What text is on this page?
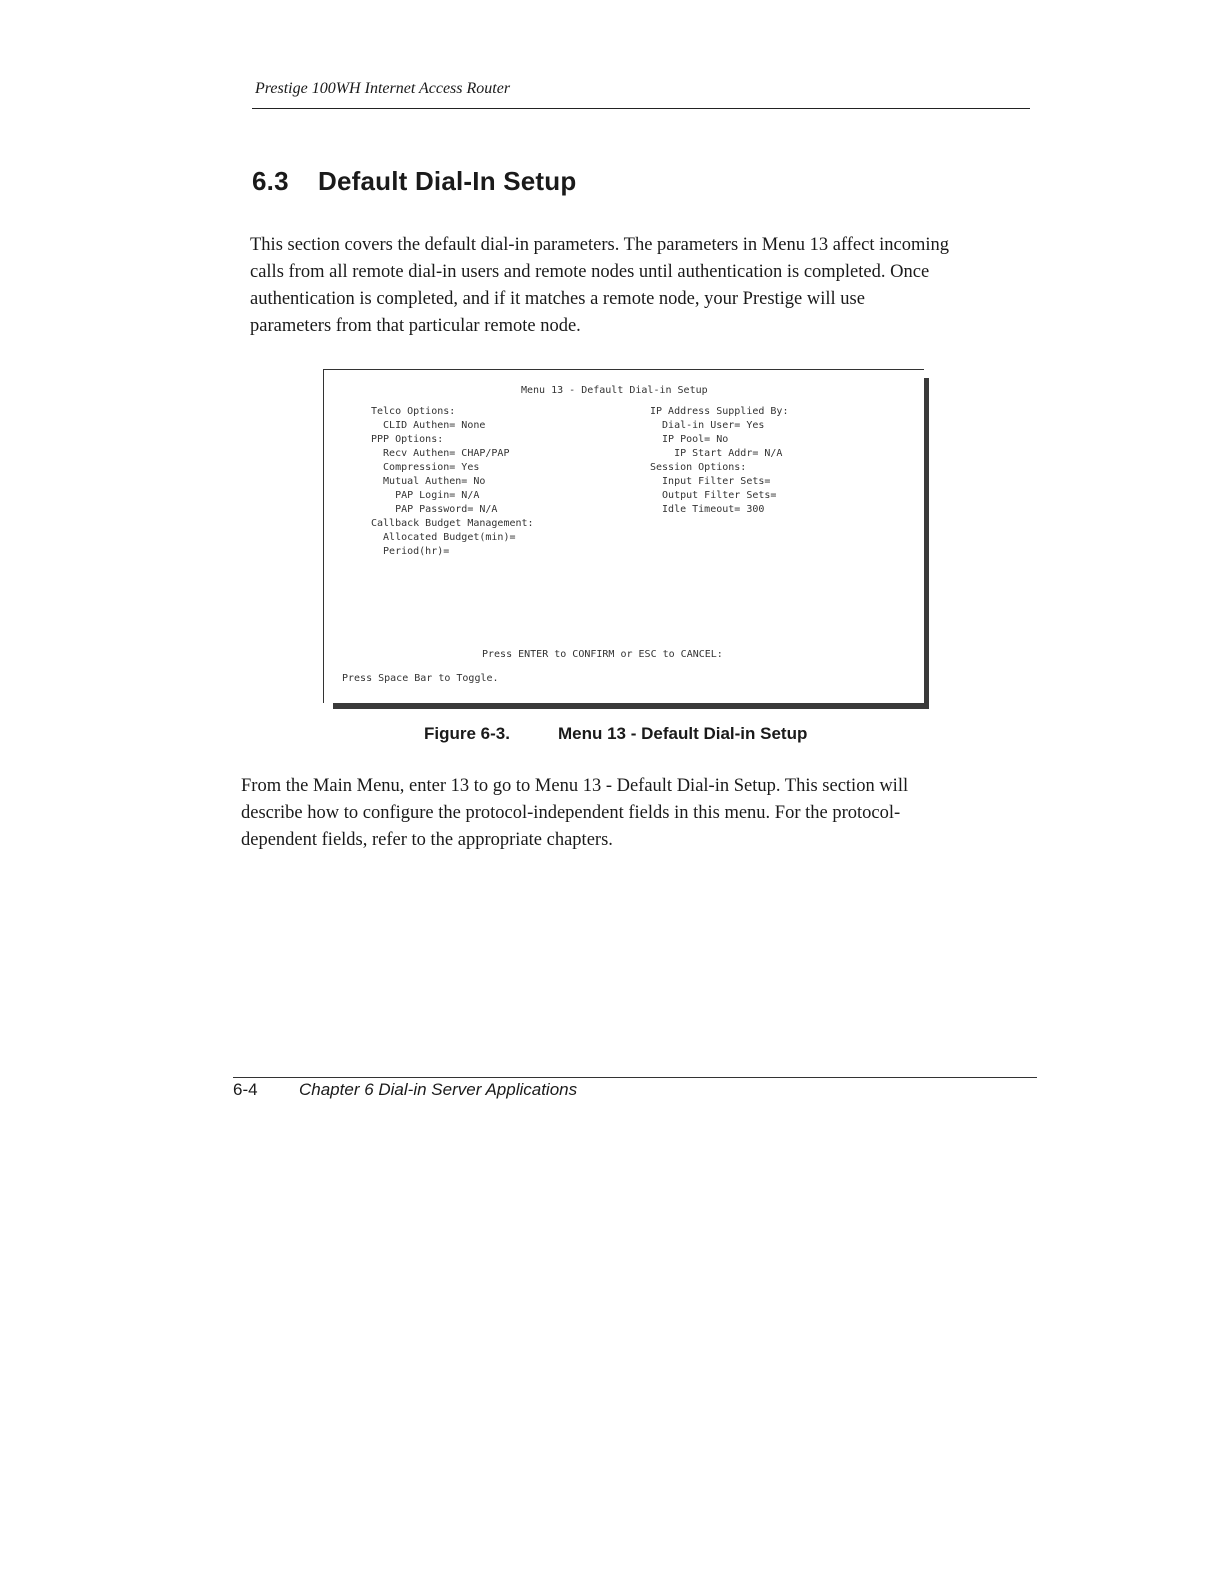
Prestige 100WH Internet Access Router
6.3 Default Dial-In Setup
This section covers the default dial-in parameters. The parameters in Menu 13 affect incoming
calls from all remote dial-in users and remote nodes until authentication is completed. Once
authentication is completed, and if it matches a remote node, your Prestige will use
parameters from that particular remote node.
Menu 13 - Default Dial-in Setup
Telco Options:
CLID Authen= None
PPP Options:
Recv Authen= CHAP/PAP
Compression= Yes
Mutual Authen= No
PAP Login= N/A
PAP Password= N/A
Callback Budget Management:
Allocated Budget(min)=
Period(hr)=
IP Address Supplied By:
Dial-in User= Yes
IP Pool= No
IP Start Addr= N/A
Session Options:
Input Filter Sets=
Output Filter Sets=
Idle Timeout= 300
Press ENTER to CONFIRM or ESC to CANCEL:
Press Space Bar to Toggle.
Figure 6-3.	Menu 13 - Default Dial-in Setup
From the Main Menu, enter 13 to go to Menu 13 - Default Dial-in Setup. This section will
describe how to configure the protocol-independent fields in this menu. For the protocol-
dependent fields, refer to the appropriate chapters.
6-4 Chapter 6 Dial-in Server Applications
